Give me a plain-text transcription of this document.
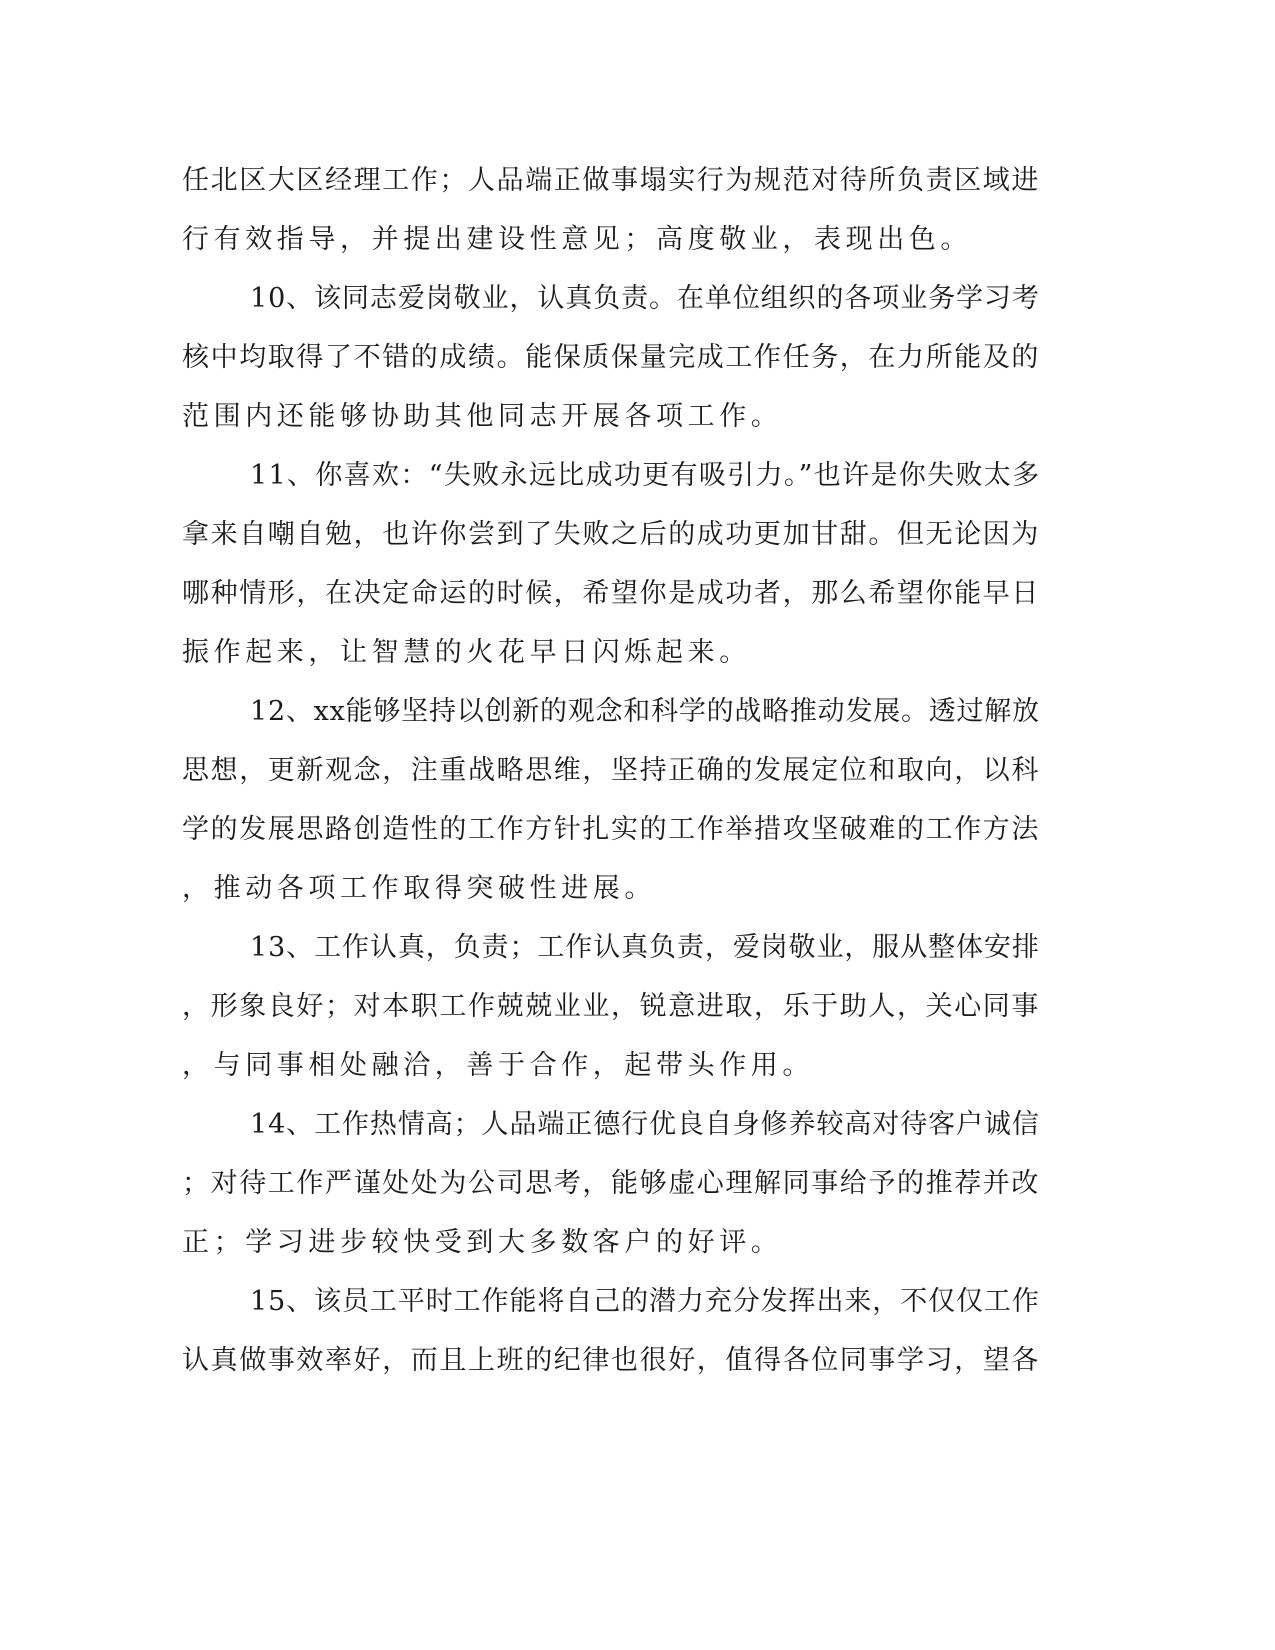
任北区大区经理工作；人品端正做事塌实行为规范对待所负责区域进
行有效指导，并提出建设性意见；高度敬业，表现出色。
10、该同志爱岗敬业，认真负责。在单位组织的各项业务学习考
核中均取得了不错的成绩。能保质保量完成工作任务，在力所能及的
范围内还能够协助其他同志开展各项工作。
11、你喜欢：“失败永远比成功更有吸引力。”也许是你失败太多
拿来自嘲自勉，也许你尝到了失败之后的成功更加甘甜。但无论因为
哪种情形，在决定命运的时候，希望你是成功者，那么希望你能早日
振作起来，让智慧的火花早日闪烁起来。
12、xx能够坚持以创新的观念和科学的战略推动发展。透过解放
思想，更新观念，注重战略思维，坚持正确的发展定位和取向，以科
学的发展思路创造性的工作方针扎实的工作举措攻坚破难的工作方法
，推动各项工作取得突破性进展。
13、工作认真，负责；工作认真负责，爱岗敬业，服从整体安排
，形象良好；对本职工作兢兢业业，锐意进取，乐于助人，关心同事
，与同事相处融洽，善于合作，起带头作用。
14、工作热情高；人品端正德行优良自身修养较高对待客户诚信
；对待工作严谨处处为公司思考，能够虚心理解同事给予的推荐并改
正；学习进步较快受到大多数客户的好评。
15、该员工平时工作能将自己的潜力充分发挥出来，不仅仅工作
认真做事效率好，而且上班的纪律也很好，值得各位同事学习，望各
